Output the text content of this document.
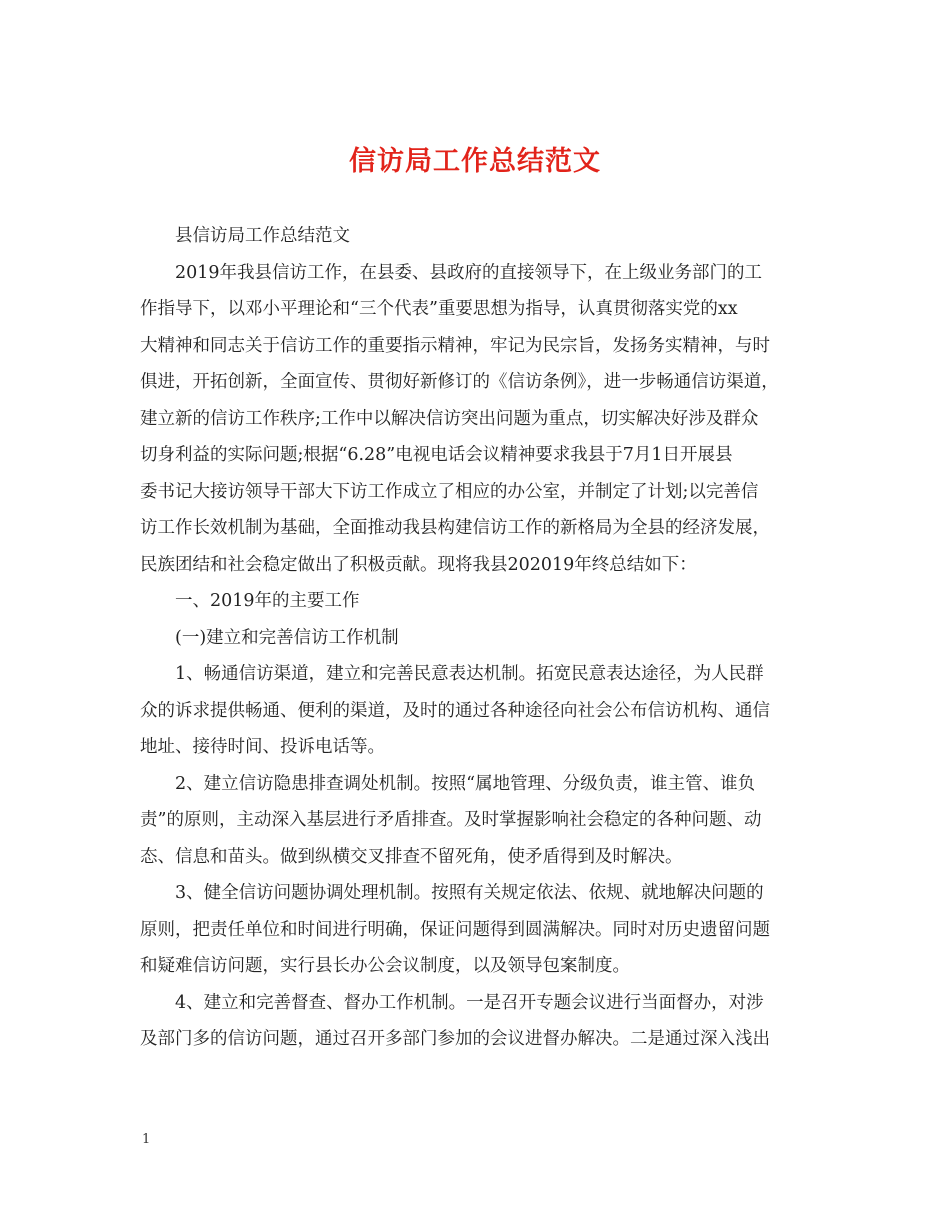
信访局工作总结范文
县信访局工作总结范文
2019年我县信访工作，在县委、县政府的直接领导下，在上级业务部门的工
作指导下，以邓小平理论和“三个代表”重要思想为指导，认真贯彻落实党的xx
大精神和同志关于信访工作的重要指示精神，牢记为民宗旨，发扬务实精神，与时
俱进，开拓创新，全面宣传、贯彻好新修订的《信访条例》，进一步畅通信访渠道，
建立新的信访工作秩序;工作中以解决信访突出问题为重点，切实解决好涉及群众
切身利益的实际问题;根据“6.28”电视电话会议精神要求我县于7月1日开展县
委书记大接访领导干部大下访工作成立了相应的办公室，并制定了计划;以完善信
访工作长效机制为基础，全面推动我县构建信访工作的新格局为全县的经济发展，
民族团结和社会稳定做出了积极贡献。现将我县202019年终总结如下：
一、2019年的主要工作
(一)建立和完善信访工作机制
1、畅通信访渠道，建立和完善民意表达机制。拓宽民意表达途径，为人民群
众的诉求提供畅通、便利的渠道，及时的通过各种途径向社会公布信访机构、通信
地址、接待时间、投诉电话等。
2、建立信访隐患排查调处机制。按照“属地管理、分级负责，谁主管、谁负
责”的原则，主动深入基层进行矛盾排查。及时掌握影响社会稳定的各种问题、动
态、信息和苗头。做到纵横交叉排查不留死角，使矛盾得到及时解决。
3、健全信访问题协调处理机制。按照有关规定依法、依规、就地解决问题的
原则，把责任单位和时间进行明确，保证问题得到圆满解决。同时对历史遗留问题
和疑难信访问题，实行县长办公会议制度，以及领导包案制度。
4、建立和完善督查、督办工作机制。一是召开专题会议进行当面督办，对涉
及部门多的信访问题，通过召开多部门参加的会议进督办解决。二是通过深入浅出
1
